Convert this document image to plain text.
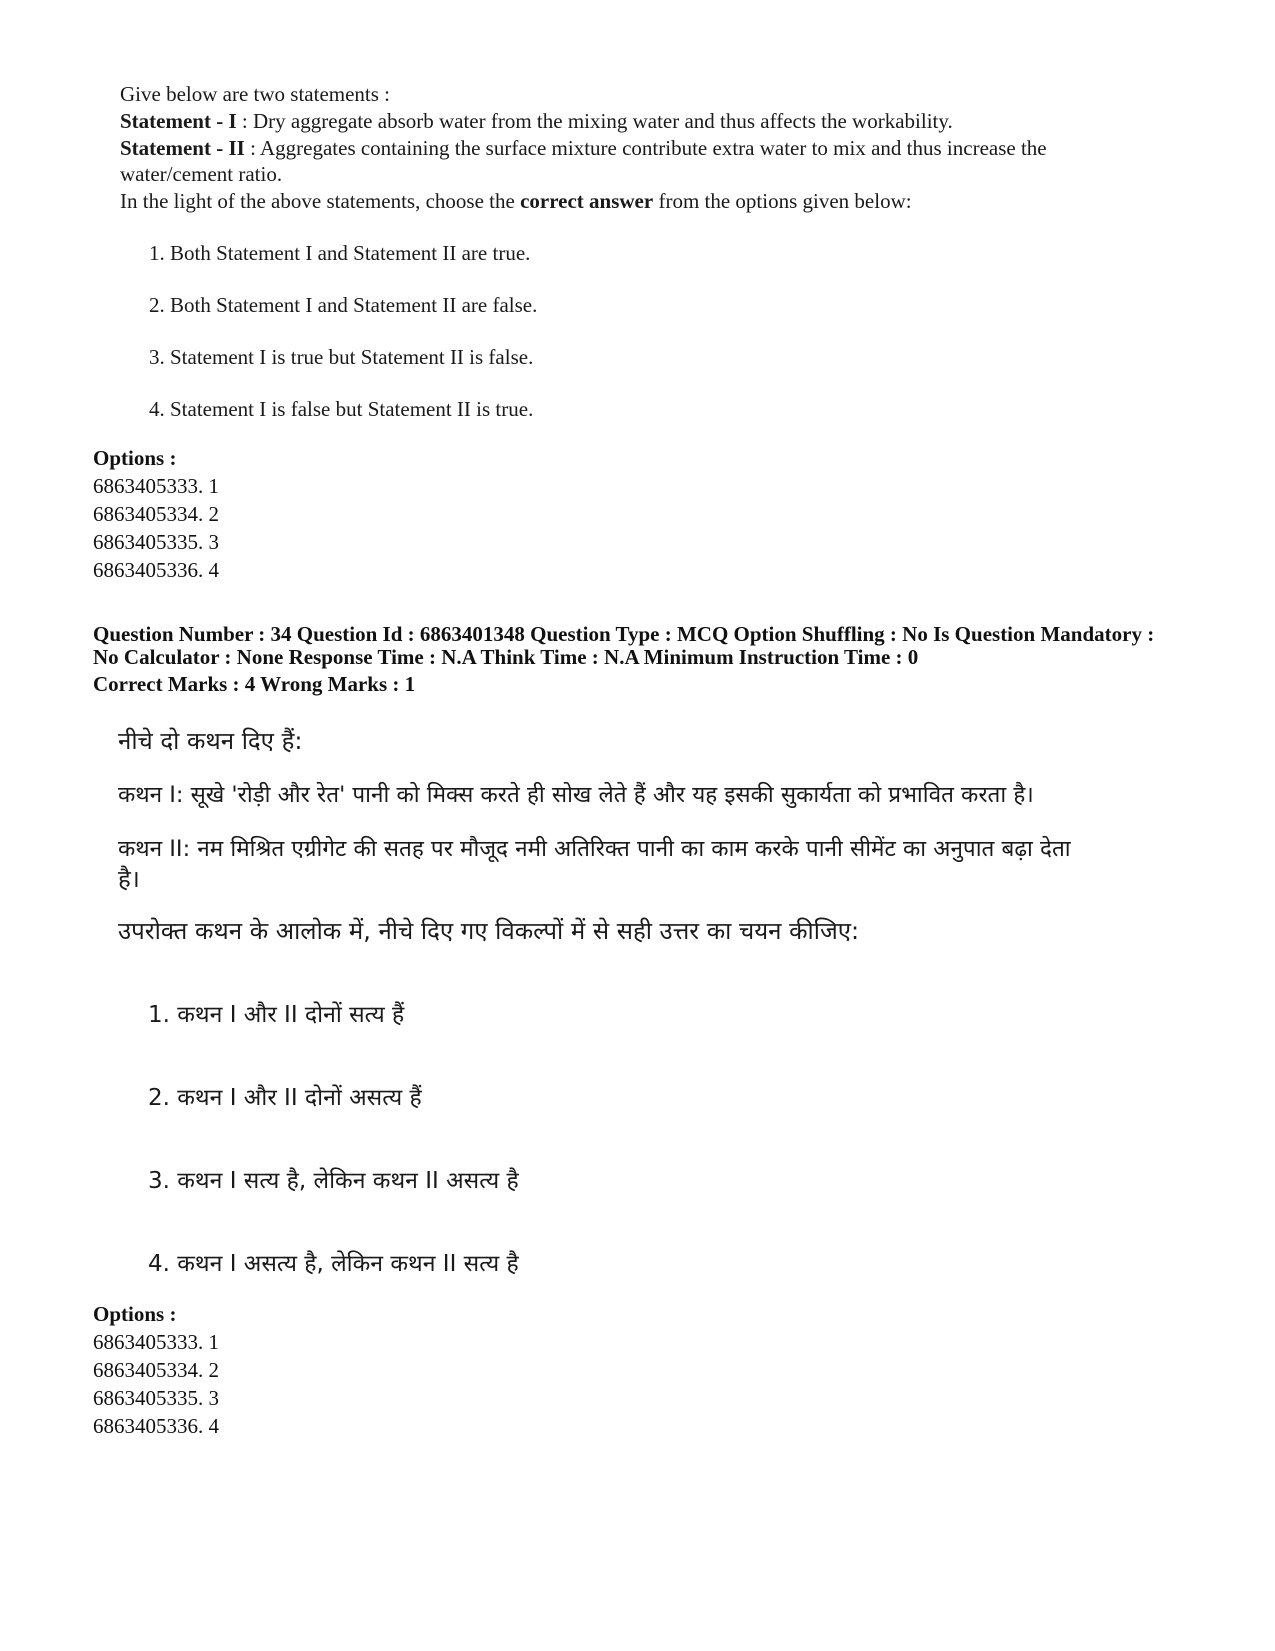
Give below are two statements :
Statement - I : Dry aggregate absorb water from the mixing water and thus affects the workability.
Statement - II : Aggregates containing the surface mixture contribute extra water to mix and thus increase the
water/cement ratio.
In the light of the above statements, choose the correct answer from the options given below:
1. Both Statement I and Statement II are true.
2. Both Statement I and Statement II are false.
3. Statement I is true but Statement II is false.
4. Statement I is false but Statement II is true.
Options :
6863405333. 1
6863405334. 2
6863405335. 3
6863405336. 4
Question Number : 34 Question Id : 6863401348 Question Type : MCQ Option Shuffling : No Is Question Mandatory :
No Calculator : None Response Time : N.A Think Time : N.A Minimum Instruction Time : 0
Correct Marks : 4 Wrong Marks : 1
नीचे दो कथन दिए हैं:
कथन I: सूखे 'रोड़ी और रेत' पानी को मिक्स करते ही सोख लेते हैं और यह इसकी सुकार्यता को प्रभावित करता है।
कथन II: नम मिश्रित एग्रीगेट की सतह पर मौजूद नमी अतिरिक्त पानी का काम करके पानी सीमेंट का अनुपात बढ़ा देता
है।
उपरोक्त कथन के आलोक में, नीचे दिए गए विकल्पों में से सही उत्तर का चयन कीजिए:
1. कथन I और II दोनों सत्य हैं
2. कथन I और II दोनों असत्य हैं
3. कथन I सत्य है, लेकिन कथन II असत्य है
4. कथन I असत्य है, लेकिन कथन II सत्य है
Options :
6863405333. 1
6863405334. 2
6863405335. 3
6863405336. 4
